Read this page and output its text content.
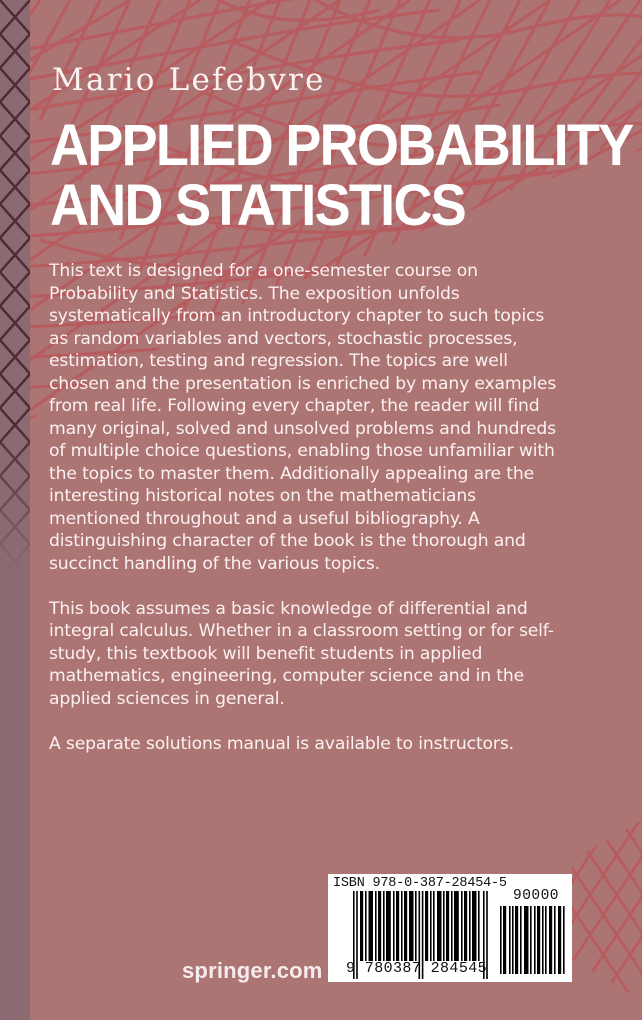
Mario Lefebvre
APPLIED PROBABILITY
AND STATISTICS

This text is designed for a one-semester course on
Probability and Statistics. The exposition unfolds
systematically from an introductory chapter to such topics
as random variables and vectors, stochastic processes,
estimation, testing and regression. The topics are well
chosen and the presentation is enriched by many examples
from real life. Following every chapter, the reader will find
many original, solved and unsolved problems and hundreds
of multiple choice questions, enabling those unfamiliar with
the topics to master them. Additionally appealing are the
interesting historical notes on the mathematicians
mentioned throughout and a useful bibliography. A
distinguishing character of the book is the thorough and
succinct handling of the various topics.

This book assumes a basic knowledge of differential and
integral calculus. Whether in a classroom setting or for self-
study, this textbook will benefit students in applied
mathematics, engineering, computer science and in the
applied sciences in general.

A separate solutions manual is available to instructors.

springer.com
ISBN 978-0-387-28454-5
90000
9 780387 284545
